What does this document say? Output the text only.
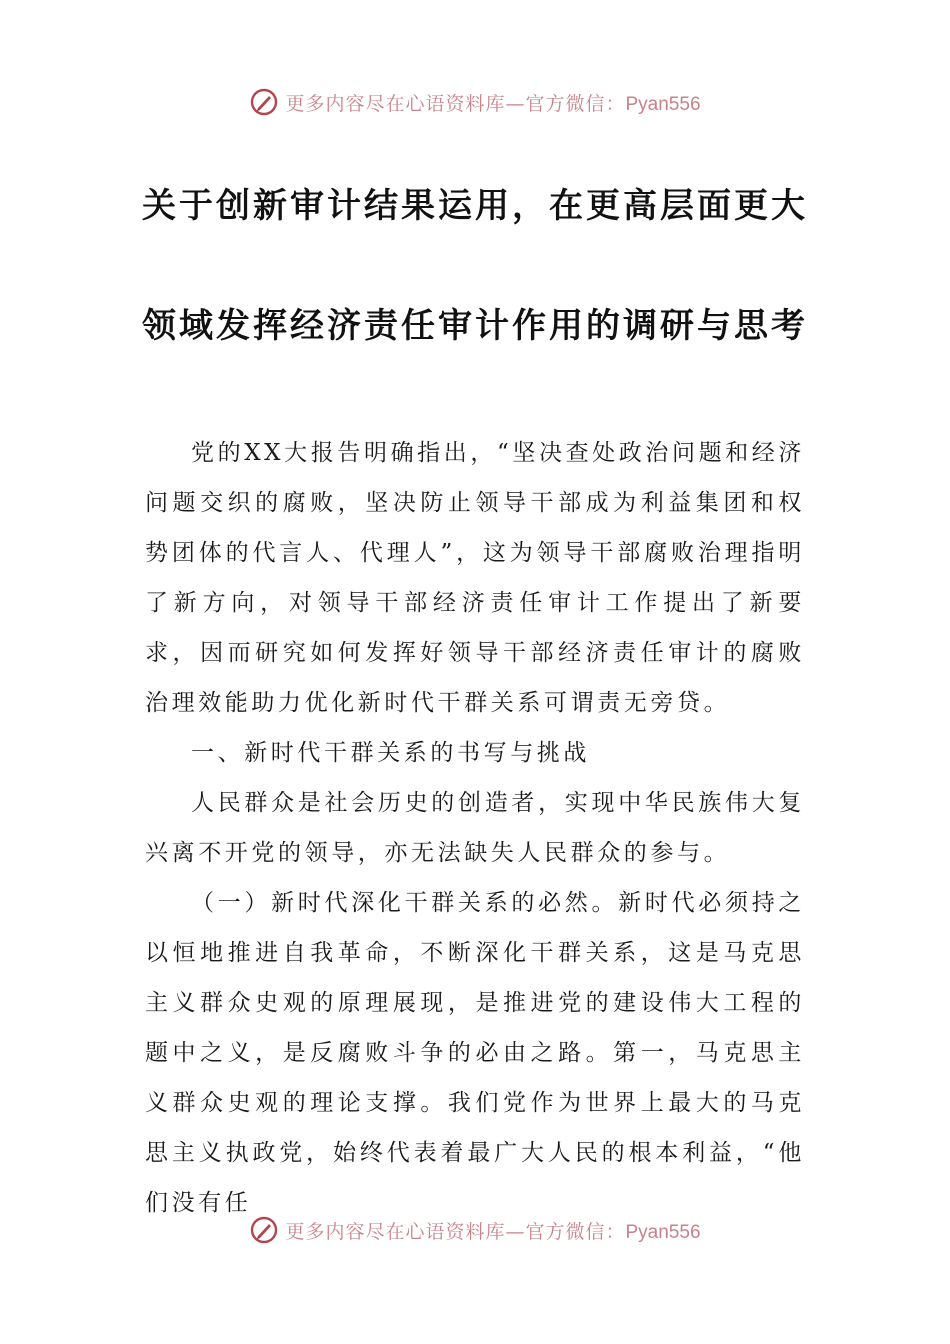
更多内容尽在心语资料库—官方微信：Pyan556
关于创新审计结果运用，在更高层面更大
领域发挥经济责任审计作用的调研与思考

党的XX大报告明确指出，“坚决查处政治问题和经济问题交织的腐败，坚决防止领导干部成为利益集团和权势团体的代言人、代理人”，这为领导干部腐败治理指明了新方向，对领导干部经济责任审计工作提出了新要求，因而研究如何发挥好领导干部经济责任审计的腐败治理效能助力优化新时代干群关系可谓责无旁贷。

一、新时代干群关系的书写与挑战

人民群众是社会历史的创造者，实现中华民族伟大复兴离不开党的领导，亦无法缺失人民群众的参与。

（一）新时代深化干群关系的必然。新时代必须持之以恒地推进自我革命，不断深化干群关系，这是马克思主义群众史观的原理展现，是推进党的建设伟大工程的题中之义，是反腐败斗争的必由之路。第一，马克思主义群众史观的理论支撑。我们党作为世界上最大的马克思主义执政党，始终代表着最广大人民的根本利益，“他们没有任

更多内容尽在心语资料库—官方微信：Pyan556
